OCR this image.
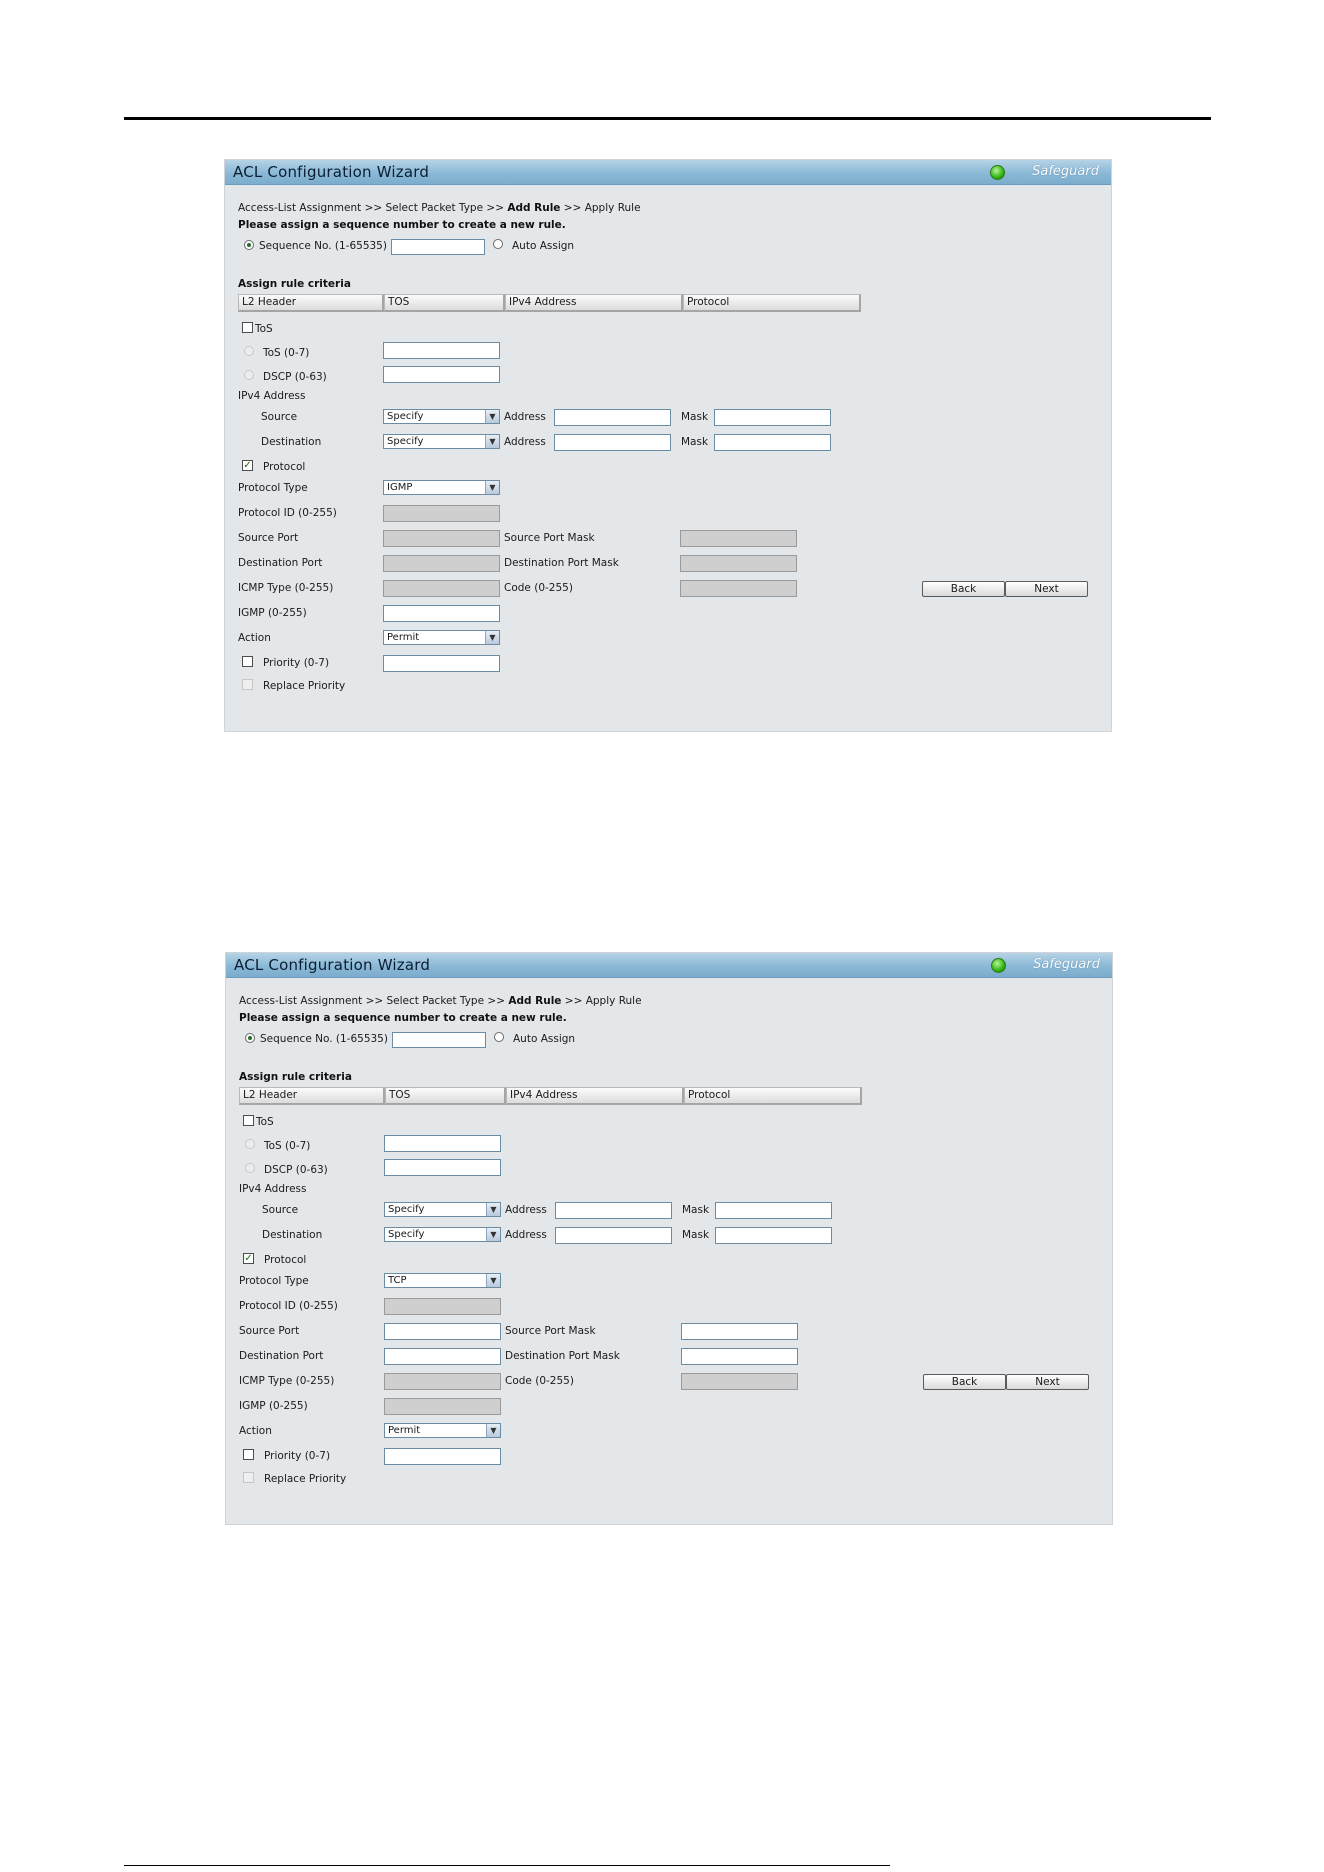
ACL Configuration Wizard	Safeguard
Access-List Assignment >> Select Packet Type >> Add Rule >> Apply Rule
Please assign a sequence number to create a new rule.
Sequence No. (1-65535)	Auto Assign
Assign rule criteria
L2 Header	TOS	IPv4 Address	Protocol
ToS
ToS (0-7)
DSCP (0-63)
IPv4 Address
Source	Specify	▼ Address	Mask
Destination	Specify	▼ Address	Mask
✓ Protocol
Protocol Type	IGMP	▼
Protocol ID (0-255)
Source Port	Source Port Mask
Destination Port	Destination Port Mask
ICMP Type (0-255)	Code (0-255)	Back	Next
IGMP (0-255)
Action	Permit	▼
Priority (0-7)
Replace Priority
ACL Configuration Wizard	Safeguard
Access-List Assignment >> Select Packet Type >> Add Rule >> Apply Rule
Please assign a sequence number to create a new rule.
Sequence No. (1-65535)	Auto Assign
Assign rule criteria
L2 Header	TOS	IPv4 Address	Protocol
ToS
ToS (0-7)
DSCP (0-63)
IPv4 Address
Source	Specify	▼ Address	Mask
Destination	Specify	▼ Address	Mask
✓ Protocol
Protocol Type	TCP	▼
Protocol ID (0-255)
Source Port	Source Port Mask
Destination Port	Destination Port Mask
ICMP Type (0-255)	Code (0-255)	Back	Next
IGMP (0-255)
Action	Permit	▼
Priority (0-7)
Replace Priority
